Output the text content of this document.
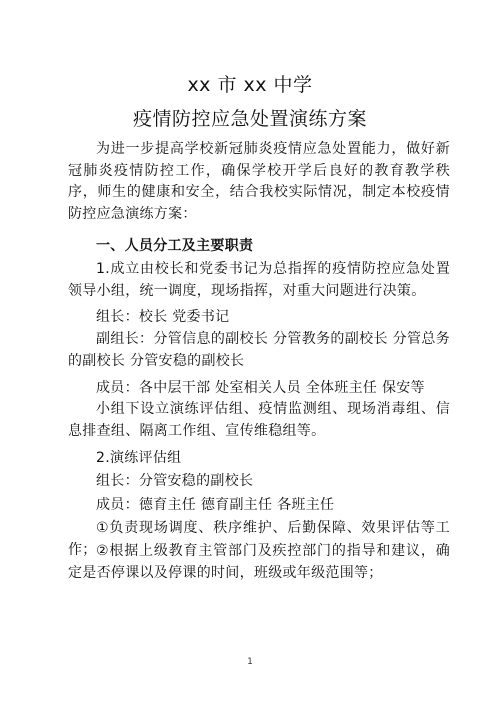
xx 市 xx 中学
疫情防控应急处置演练方案

为进一步提高学校新冠肺炎疫情应急处置能力，做好新冠肺炎疫情防控工作，确保学校开学后良好的教育教学秩序，师生的健康和安全，结合我校实际情况，制定本校疫情防控应急演练方案：

一、人员分工及主要职责

1.成立由校长和党委书记为总指挥的疫情防控应急处置领导小组，统一调度，现场指挥，对重大问题进行决策。

组长：校长 党委书记

副组长：分管信息的副校长 分管教务的副校长 分管总务的副校长 分管安稳的副校长

成员：各中层干部 处室相关人员 全体班主任 保安等

小组下设立演练评估组、疫情监测组、现场消毒组、信息排查组、隔离工作组、宣传维稳组等。

2.演练评估组

组长：分管安稳的副校长

成员：德育主任 德育副主任 各班主任

①负责现场调度、秩序维护、后勤保障、效果评估等工作； ②根据上级教育主管部门及疾控部门的指导和建议，确定是否停课以及停课的时间，班级或年级范围等；

1
